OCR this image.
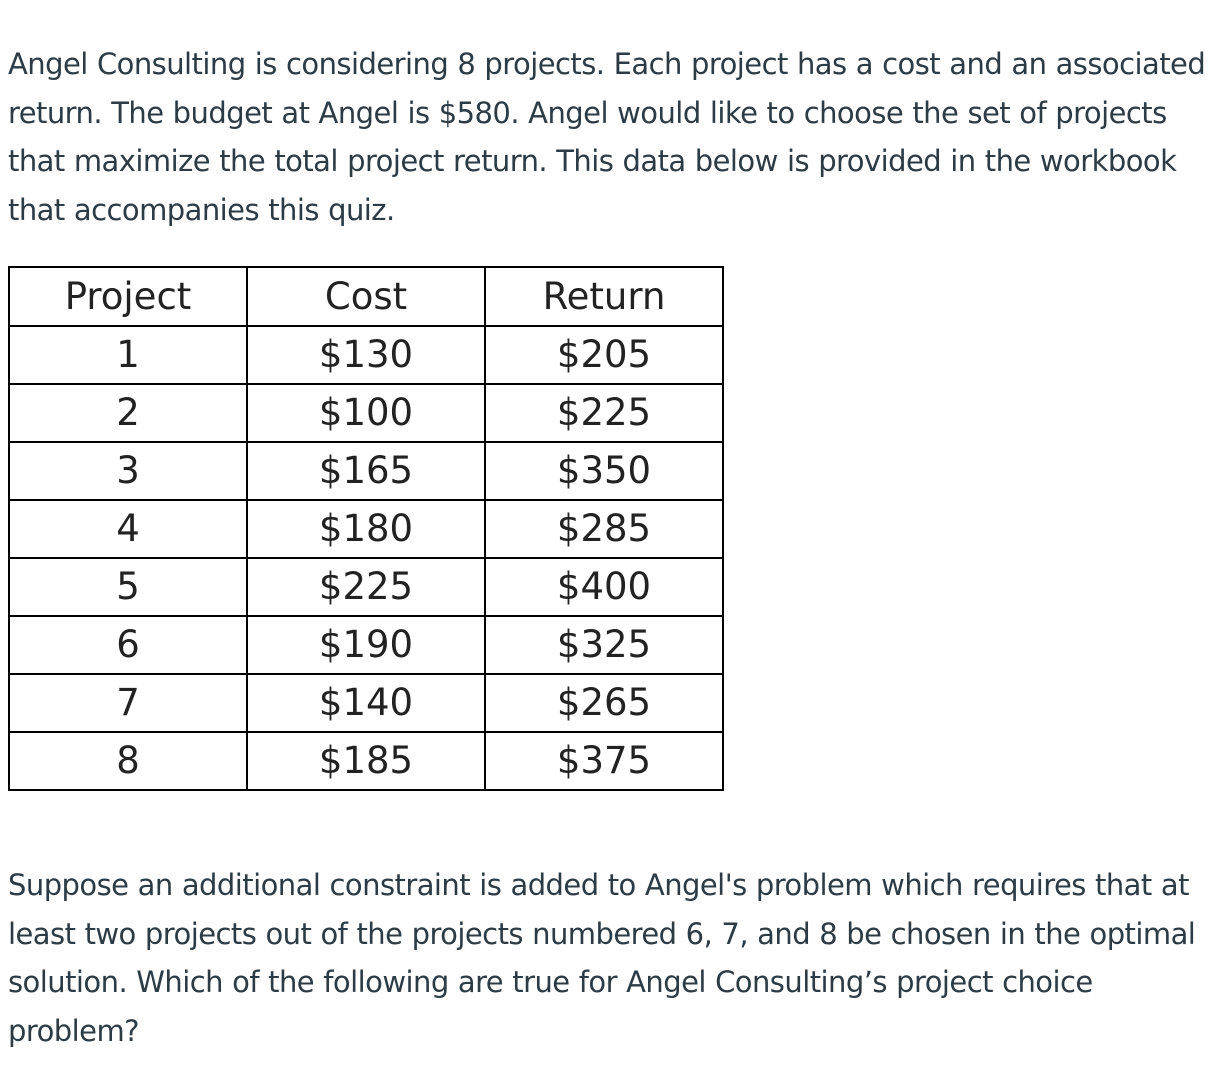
Angel Consulting is considering 8 projects. Each project has a cost and an associated
return. The budget at Angel is $580. Angel would like to choose the set of projects
that maximize the total project return. This data below is provided in the workbook
that accompanies this quiz.

Project	Cost	Return
1	$130	$205
2	$100	$225
3	$165	$350
4	$180	$285
5	$225	$400
6	$190	$325
7	$140	$265
8	$185	$375

Suppose an additional constraint is added to Angel's problem which requires that at
least two projects out of the projects numbered 6, 7, and 8 be chosen in the optimal
solution. Which of the following are true for Angel Consulting’s project choice
problem?
